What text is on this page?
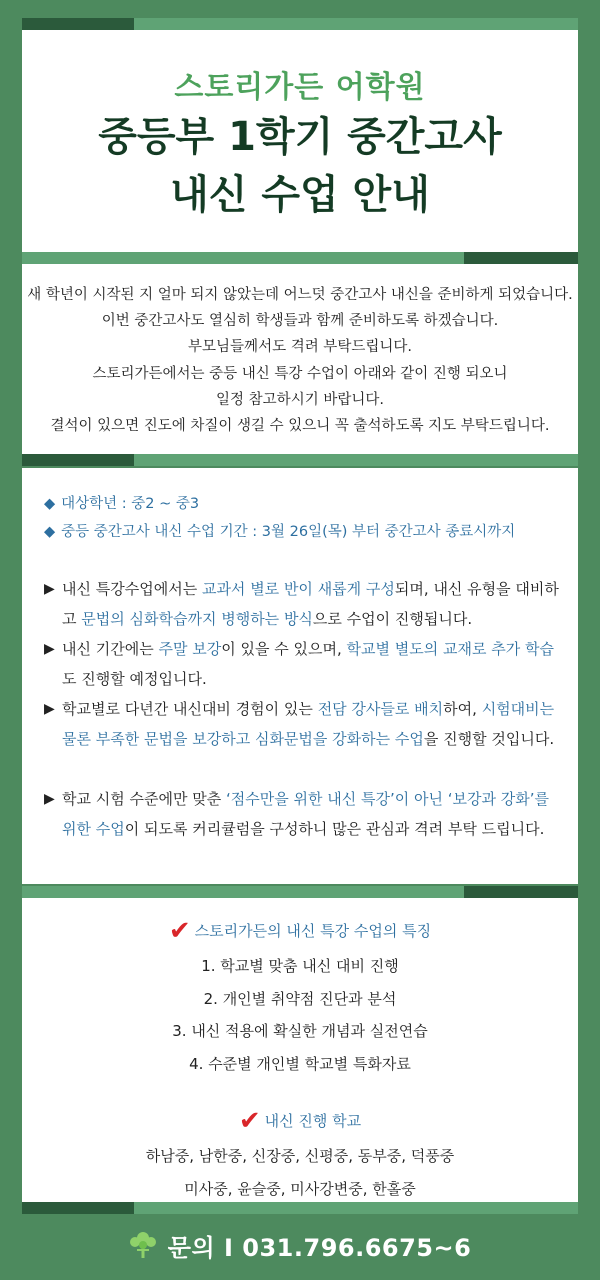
스토리가든 어학원
중등부 1학기 중간고사
내신 수업 안내
새 학년이 시작된 지 얼마 되지 않았는데 어느덧 중간고사 내신을 준비하게 되었습니다.
이번 중간고사도 열심히 학생들과 함께 준비하도록 하겠습니다.
부모님들께서도 격려 부탁드립니다.
스토리가든에서는 중등 내신 특강 수업이 아래와 같이 진행 되오니
일정 참고하시기 바랍니다.
결석이 있으면 진도에 차질이 생길 수 있으니 꼭 출석하도록 지도 부탁드립니다.
◆ 대상학년 : 중2 ~ 중3
◆ 중등 중간고사 내신 수업 기간 : 3월 26일(목) 부터 중간고사 종료시까지
▶ 내신 특강수업에서는 교과서 별로 반이 새롭게 구성되며, 내신 유형을 대비하고 문법의 심화학습까지 병행하는 방식으로 수업이 진행됩니다.
▶ 내신 기간에는 주말 보강이 있을 수 있으며, 학교별 별도의 교재로 추가 학습도 진행할 예정입니다.
▶ 학교별로 다년간 내신대비 경험이 있는 전담 강사들로 배치하여, 시험대비는 물론 부족한 문법을 보강하고 심화문법을 강화하는 수업을 진행할 것입니다.
▶ 학교 시험 수준에만 맞춘 ‘점수만을 위한 내신 특강’이 아닌 ‘보강과 강화’를 위한 수업이 되도록 커리큘럼을 구성하니 많은 관심과 격려 부탁 드립니다.
✔ 스토리가든의 내신 특강 수업의 특징
1. 학교별 맞춤 내신 대비 진행
2. 개인별 취약점 진단과 분석
3. 내신 적용에 확실한 개념과 실전연습
4. 수준별 개인별 학교별 특화자료
✔ 내신 진행 학교
하남중, 남한중, 신장중, 신평중, 동부중, 덕풍중
미사중, 윤슬중, 미사강변중, 한홀중
문의 I 031.796.6675~6
